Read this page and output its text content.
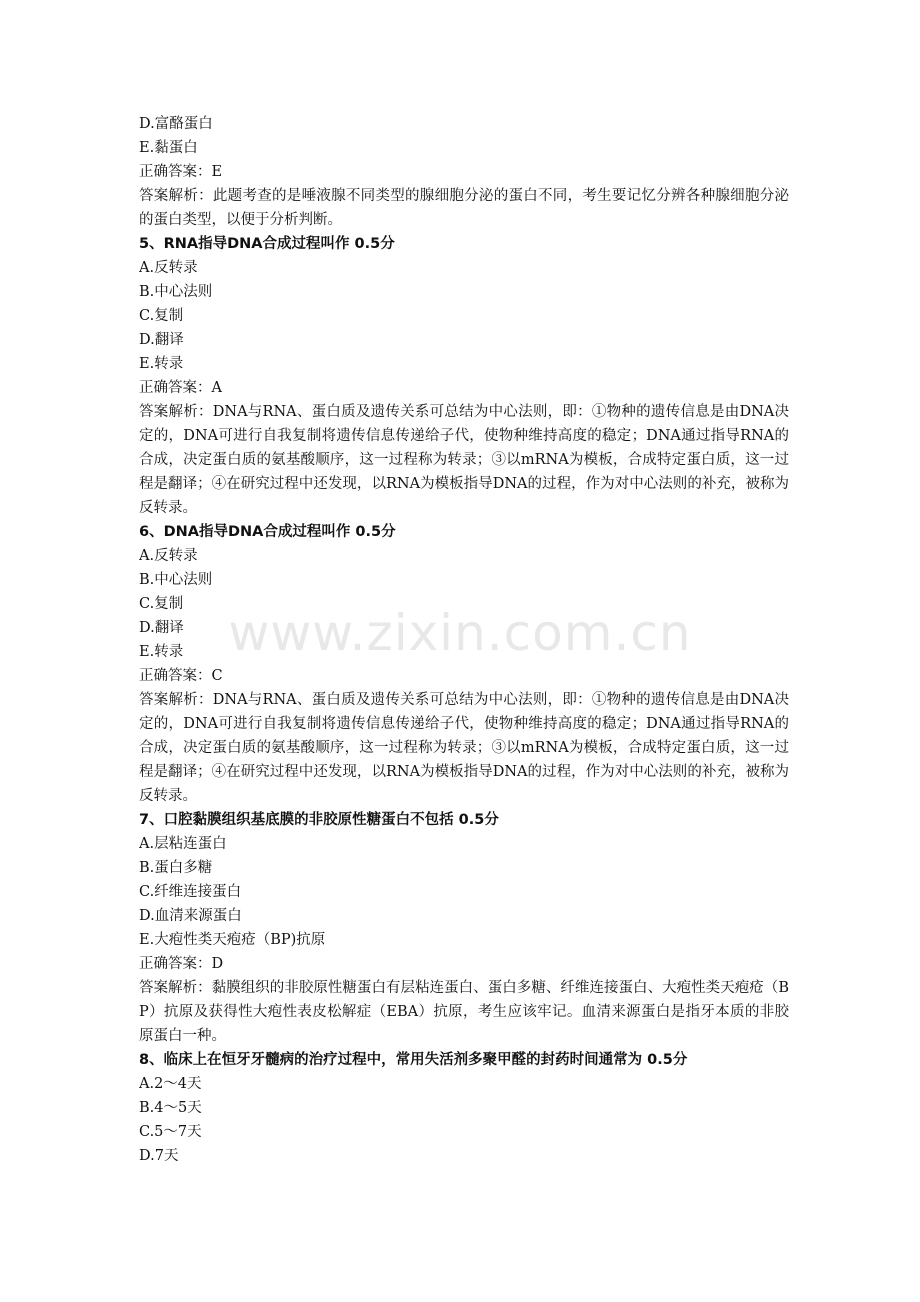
www.zixin.com.cn
D.富酪蛋白
E.黏蛋白
正确答案：E
答案解析：此题考查的是唾液腺不同类型的腺细胞分泌的蛋白不同，考生要记忆分辨各种腺细胞分泌的蛋白类型，以便于分析判断。
5、RNA指导DNA合成过程叫作 0.5分
A.反转录
B.中心法则
C.复制
D.翻译
E.转录
正确答案：A
答案解析：DNA与RNA、蛋白质及遗传关系可总结为中心法则，即：①物种的遗传信息是由DNA决定的，DNA可进行自我复制将遗传信息传递给子代，使物种维持高度的稳定；DNA通过指导RNA的合成，决定蛋白质的氨基酸顺序，这一过程称为转录；③以mRNA为模板，合成特定蛋白质，这一过程是翻译；④在研究过程中还发现，以RNA为模板指导DNA的过程，作为对中心法则的补充，被称为反转录。
6、DNA指导DNA合成过程叫作 0.5分
A.反转录
B.中心法则
C.复制
D.翻译
E.转录
正确答案：C
答案解析：DNA与RNA、蛋白质及遗传关系可总结为中心法则，即：①物种的遗传信息是由DNA决定的，DNA可进行自我复制将遗传信息传递给子代，使物种维持高度的稳定；DNA通过指导RNA的合成，决定蛋白质的氨基酸顺序，这一过程称为转录；③以mRNA为模板，合成特定蛋白质，这一过程是翻译；④在研究过程中还发现，以RNA为模板指导DNA的过程，作为对中心法则的补充，被称为反转录。
7、口腔黏膜组织基底膜的非胶原性糖蛋白不包括 0.5分
A.层粘连蛋白
B.蛋白多糖
C.纤维连接蛋白
D.血清来源蛋白
E.大疱性类天疱疮（BP)抗原
正确答案：D
答案解析：黏膜组织的非胶原性糖蛋白有层粘连蛋白、蛋白多糖、纤维连接蛋白、大疱性类天疱疮（BP）抗原及获得性大疱性表皮松解症（EBA）抗原，考生应该牢记。血清来源蛋白是指牙本质的非胶原蛋白一种。
8、临床上在恒牙牙髓病的治疗过程中，常用失活剂多聚甲醛的封药时间通常为 0.5分
A.2～4天
B.4～5天
C.5～7天
D.7天
